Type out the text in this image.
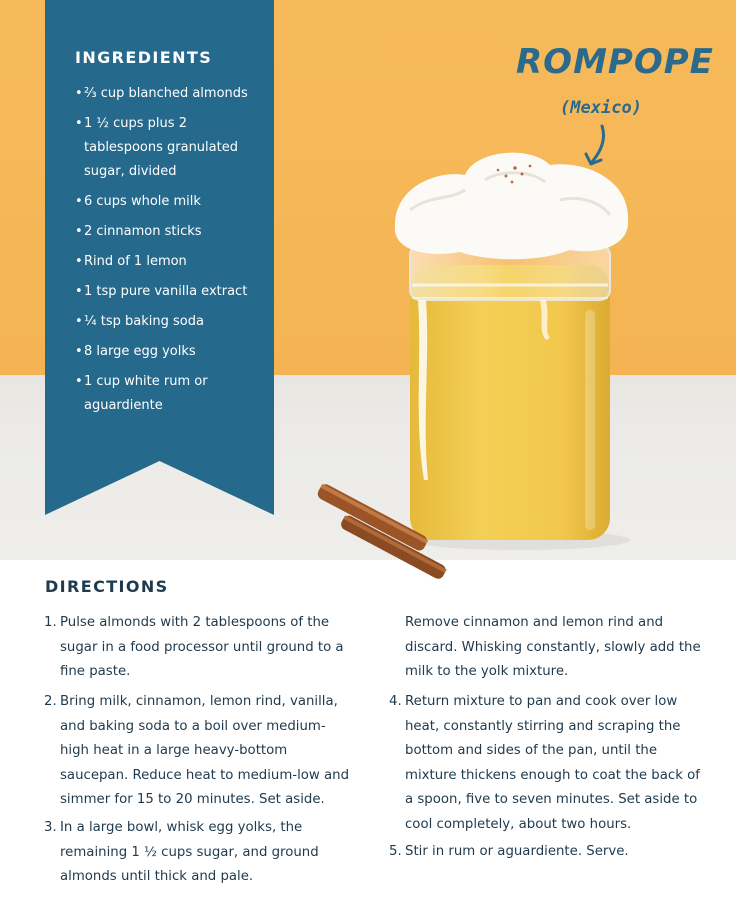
INGREDIENTS
• ⅔ cup blanched almonds
• 1 ½ cups plus 2 tablespoons granulated sugar, divided
• 6 cups whole milk
• 2 cinnamon sticks
• Rind of 1 lemon
• 1 tsp pure vanilla extract
• ¼ tsp baking soda
• 8 large egg yolks
• 1 cup white rum or aguardiente
ROMPOPE
(Mexico)
DIRECTIONS
1. Pulse almonds with 2 tablespoons of the sugar in a food processor until ground to a fine paste.
2. Bring milk, cinnamon, lemon rind, vanilla, and baking soda to a boil over medium-high heat in a large heavy-bottom saucepan. Reduce heat to medium-low and simmer for 15 to 20 minutes. Set aside.
3. In a large bowl, whisk egg yolks, the remaining 1 ½ cups sugar, and ground almonds until thick and pale.
Remove cinnamon and lemon rind and discard. Whisking constantly, slowly add the milk to the yolk mixture.
4. Return mixture to pan and cook over low heat, constantly stirring and scraping the bottom and sides of the pan, until the mixture thickens enough to coat the back of a spoon, five to seven minutes. Set aside to cool completely, about two hours.
5. Stir in rum or aguardiente. Serve.
